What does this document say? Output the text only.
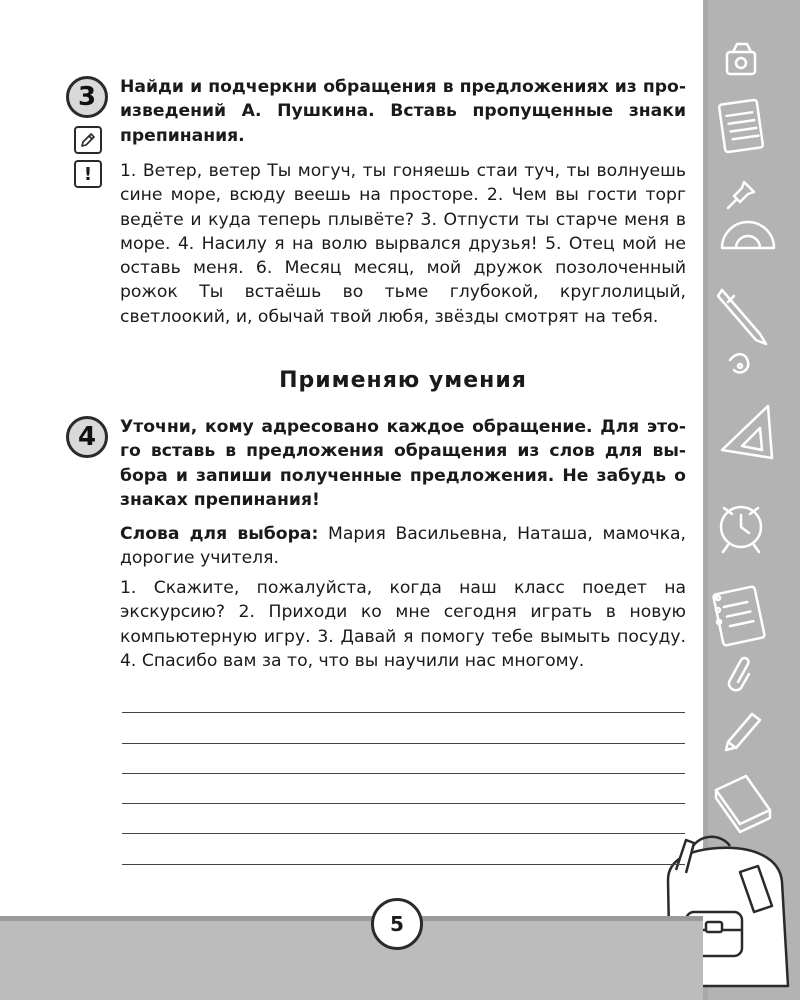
3
!

Найди и подчеркни обращения в предложениях из произведений А. Пушкина. Вставь пропущенные знаки препинания.

1. Ветер, ветер Ты могуч, ты гоняешь стаи туч, ты волнуешь сине море, всюду веешь на просторе. 2. Чем вы гости торг ведёте и куда теперь плывёте? 3. Отпусти ты старче меня в море. 4. Насилу я на волю вырвался друзья! 5. Отец мой не оставь меня. 6. Месяц месяц, мой дружок позолоченный рожок Ты встаёшь во тьме глубокой, круглолицый, светлоокий, и, обычай твой любя, звёзды смотрят на тебя.

Применяю умения
4	Уточни, кому адресовано каждое обращение. Для этого вставь в предложения обращения из слов для выбора и запиши полученные предложения. Не забудь о знаках препинания!

Слова для выбора: Мария Васильевна, Наташа, мамочка, дорогие учителя.

1. Скажите, пожалуйста, когда наш класс поедет на экскурсию? 2. Приходи ко мне сегодня играть в новую компьютерную игру. 3. Давай я помогу тебе вымыть посуду. 4. Спасибо вам за то, что вы научили нас многому.

5
